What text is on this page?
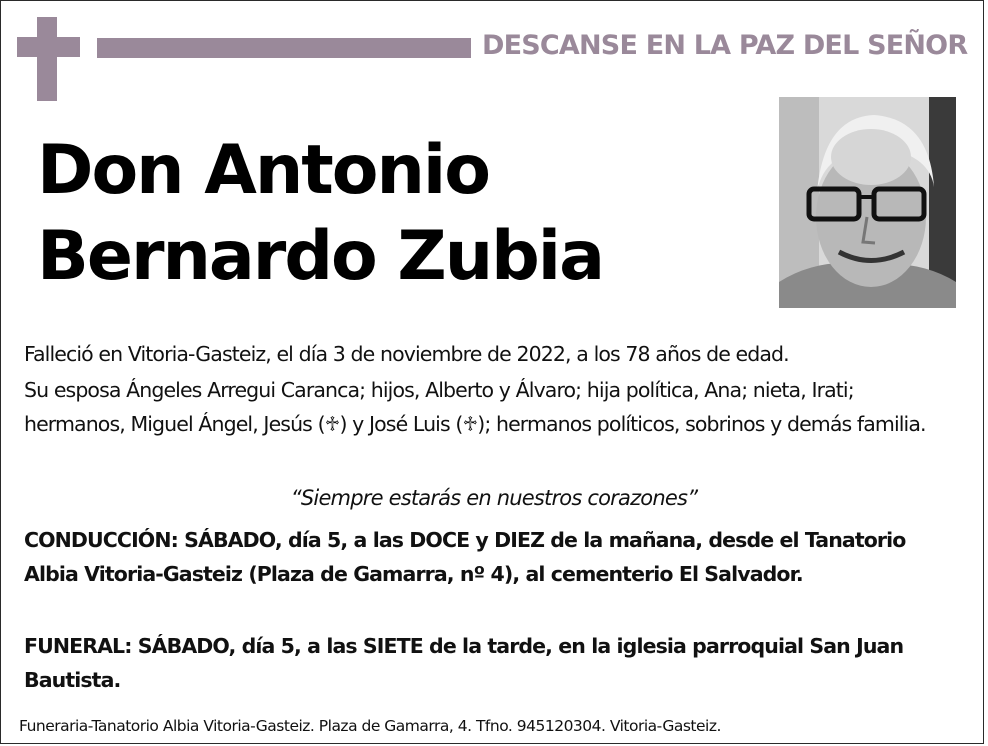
DESCANSE EN LA PAZ DEL SEÑOR
Don Antonio
Bernardo Zubia
Falleció en Vitoria-Gasteiz, el día 3 de noviembre de 2022, a los 78 años de edad.
Su esposa Ángeles Arregui Caranca; hijos, Alberto y Álvaro; hija política, Ana; nieta, Irati; hermanos, Miguel Ángel, Jesús (♱) y José Luis (♱); hermanos políticos, sobrinos y demás familia.
“Siempre estarás en nuestros corazones”
CONDUCCIÓN: SÁBADO, día 5, a las DOCE y DIEZ de la mañana, desde el Tanatorio Albia Vitoria-Gasteiz (Plaza de Gamarra, nº 4), al cementerio El Salvador.
FUNERAL: SÁBADO, día 5, a las SIETE de la tarde, en la iglesia parroquial San Juan Bautista.
Funeraria-Tanatorio Albia Vitoria-Gasteiz. Plaza de Gamarra, 4. Tfno. 945120304. Vitoria-Gasteiz.
